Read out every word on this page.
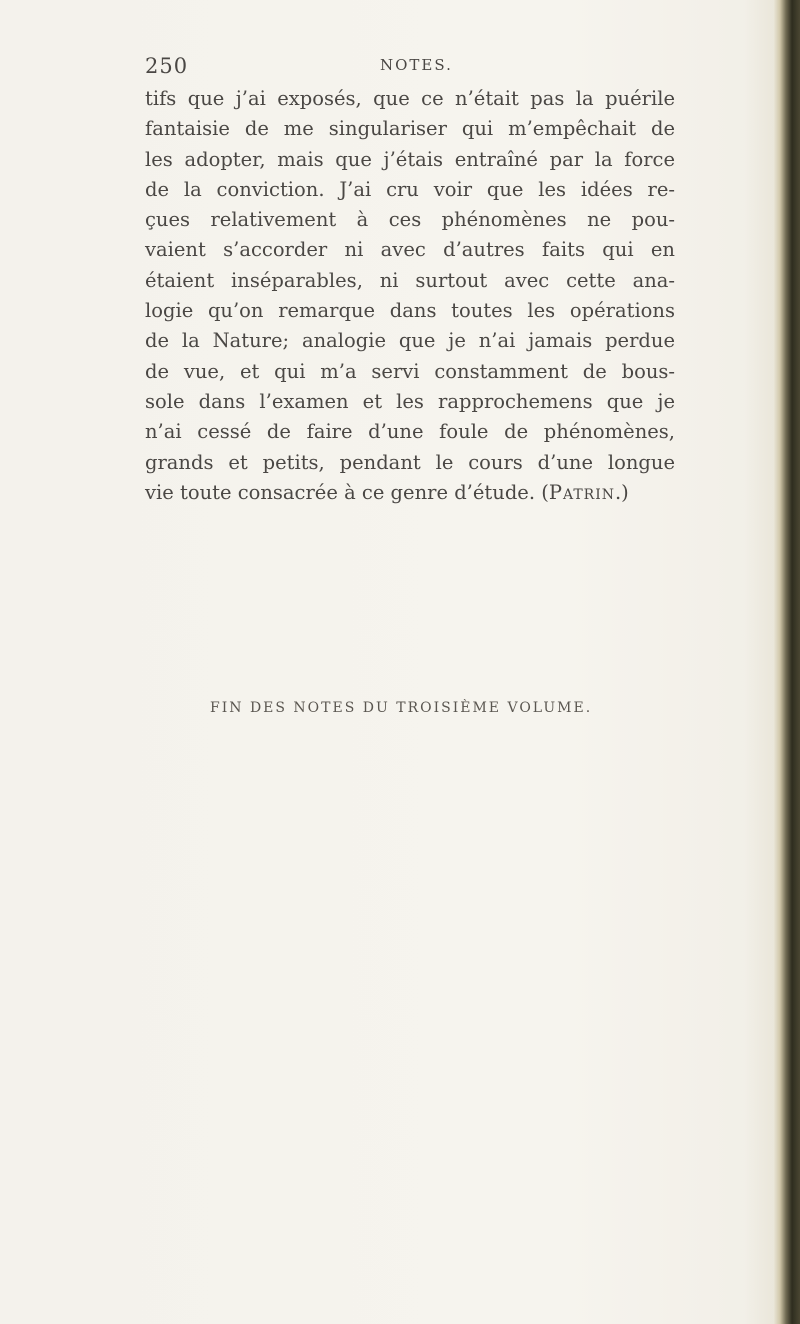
250	NOTES.
tifs que j’ai exposés, que ce n’était pas la puérile
fantaisie de me singulariser qui m’empêchait de
les adopter, mais que j’étais entraîné par la force
de la conviction. J’ai cru voir que les idées re-
çues relativement à ces phénomènes ne pou-
vaient s’accorder ni avec d’autres faits qui en
étaient inséparables, ni surtout avec cette ana-
logie qu’on remarque dans toutes les opérations
de la Nature; analogie que je n’ai jamais perdue
de vue, et qui m’a servi constamment de bous-
sole dans l’examen et les rapprochemens que je
n’ai cessé de faire d’une foule de phénomènes,
grands et petits, pendant le cours d’une longue
vie toute consacrée à ce genre d’étude. (Patrin.)
FIN DES NOTES DU TROISIÈME VOLUME.
